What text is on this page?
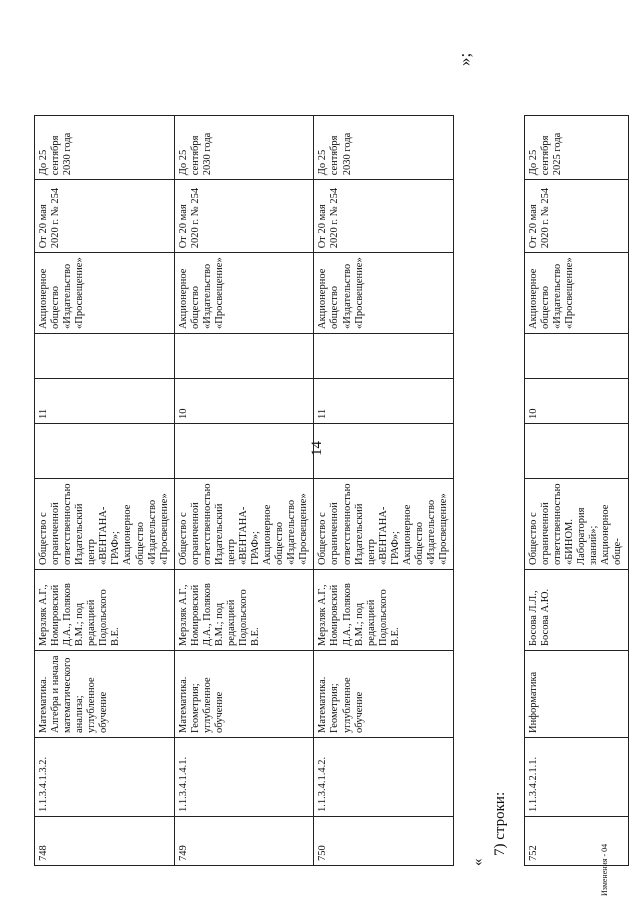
14
748	1.1.3.4.1.3.2.	Математика. Алгебра и начала математического анализа; углубленное обучение	Мерзляк А.Г., Номировский Д.А., Поляков В.М.; под редакцией Подольского В.Е.	Общество с ограниченной ответственностью Издательский центр «ВЕНТАНА-ГРАФ»; Акционерное общество «Издательство «Просвещение»		11		Акционерное общество «Издательство «Просвещение»	От 20 мая 2020 г. № 254	До 25 сентября 2030 года
749	1.1.3.4.1.4.1.	Математика. Геометрия; углубленное обучение	Мерзляк А.Г., Номировский Д.А., Поляков В.М.; под редакцией Подольского В.Е.	Общество с ограниченной ответственностью Издательский центр «ВЕНТАНА-ГРАФ»; Акционерное общество «Издательство «Просвещение»		10		Акционерное общество «Издательство «Просвещение»	От 20 мая 2020 г. № 254	До 25 сентября 2030 года
750	1.1.3.4.1.4.2.	Математика. Геометрия; углубленное обучение	Мерзляк А.Г., Номировский Д.А., Поляков В.М.; под редакцией Подольского В.Е.	Общество с ограниченной ответственностью Издательский центр «ВЕНТАНА-ГРАФ»; Акционерное общество «Издательство «Просвещение»		11		Акционерное общество «Издательство «Просвещение»	От 20 мая 2020 г. № 254	До 25 сентября 2030 года
»;
«
7) строки: 752	1.1.3.4.2.1.1.	Информатика	Босова Л.Л., Босова А.Ю.	Общество с ограниченной ответственностью «БИНОМ. Лаборатория знаний»; Акционерное обще-		10		Акционерное общество «Издательство «Просвещение»	От 20 мая 2020 г. № 254	До 25 сентября 2025 года
Изменения - 04
